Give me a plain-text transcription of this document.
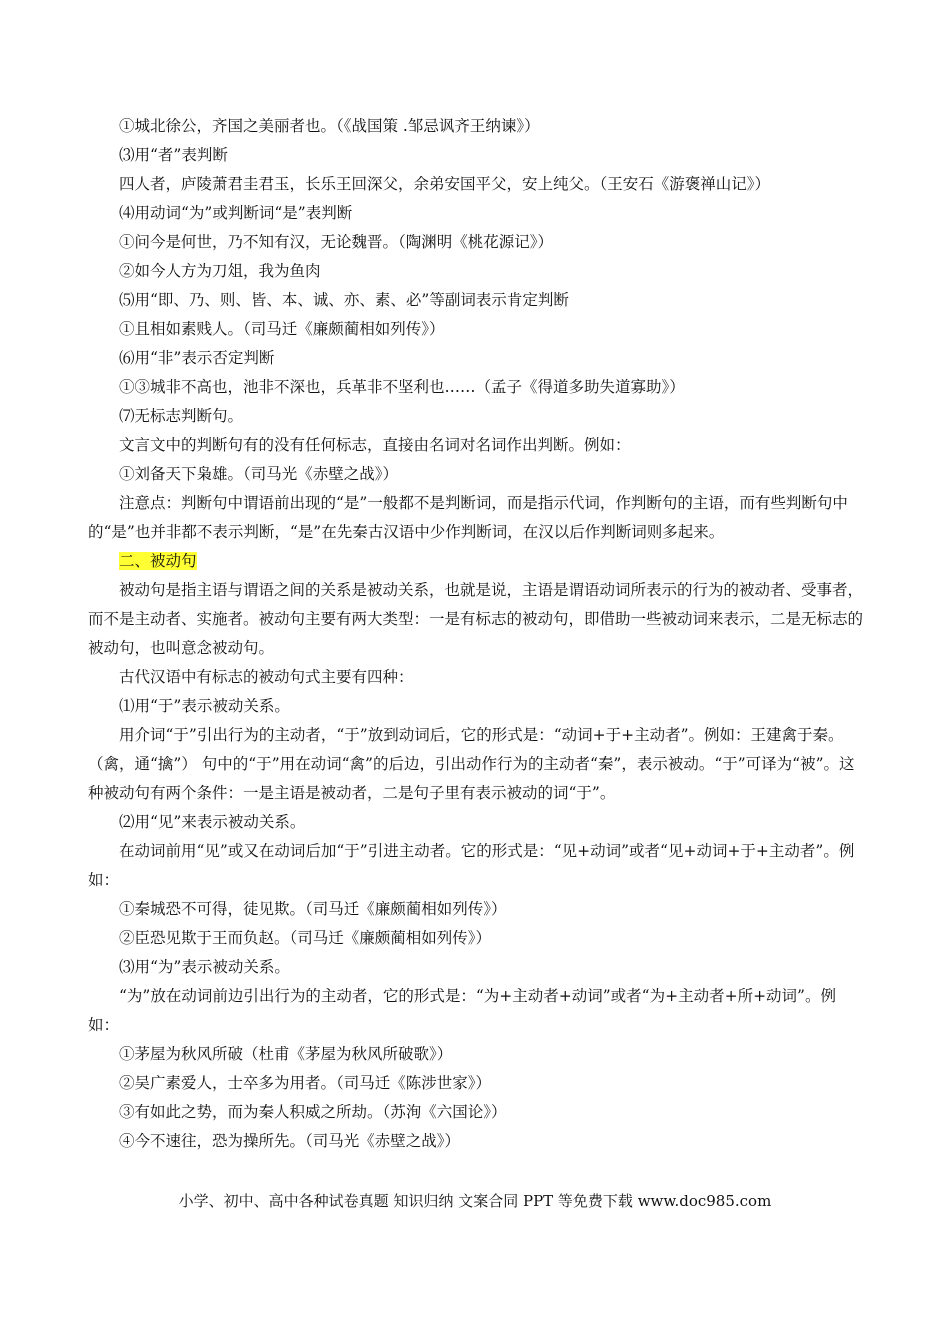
①城北徐公，齐国之美丽者也。（《战国策 .邹忌讽齐王纳谏》）

⑶用“者”表判断

四人者，庐陵萧君圭君玉，长乐王回深父，余弟安国平父，安上纯父。（王安石《游褒禅山记》）

⑷用动词“为”或判断词“是”表判断

①问今是何世，乃不知有汉，无论魏晋。（陶渊明《桃花源记》）

②如今人方为刀俎，我为鱼肉

⑸用“即、乃、则、皆、本、诚、亦、素、必”等副词表示肯定判断

①且相如素贱人。（司马迁《廉颇蔺相如列传》）

⑹用“非”表示否定判断

①③城非不高也，池非不深也，兵革非不坚利也……（孟子《得道多助失道寡助》）

⑺无标志判断句。

文言文中的判断句有的没有任何标志，直接由名词对名词作出判断。例如：

①刘备天下枭雄。（司马光《赤壁之战》）

注意点：判断句中谓语前出现的“是”一般都不是判断词，而是指示代词，作判断句的主语，而有些判断句中的“是”也并非都不表示判断，“是”在先秦古汉语中少作判断词，在汉以后作判断词则多起来。

二、被动句

被动句是指主语与谓语之间的关系是被动关系，也就是说，主语是谓语动词所表示的行为的被动者、受事者，而不是主动者、实施者。被动句主要有两大类型：一是有标志的被动句，即借助一些被动词来表示，二是无标志的被动句，也叫意念被动句。

古代汉语中有标志的被动句式主要有四种：

⑴用“于”表示被动关系。

用介词“于”引出行为的主动者，“于”放到动词后，它的形式是：“动词+于+主动者”。例如：王建禽于秦。（禽，通“擒”） 句中的“于”用在动词“禽”的后边，引出动作行为的主动者“秦”，表示被动。“于”可译为“被”。这种被动句有两个条件：一是主语是被动者，二是句子里有表示被动的词“于”。

⑵用“见”来表示被动关系。

在动词前用“见”或又在动词后加“于”引进主动者。它的形式是：“见+动词”或者“见+动词+于+主动者”。例如：

①秦城恐不可得，徒见欺。（司马迁《廉颇蔺相如列传》）

②臣恐见欺于王而负赵。（司马迁《廉颇蔺相如列传》）

⑶用“为”表示被动关系。

“为”放在动词前边引出行为的主动者，它的形式是：“为+主动者+动词”或者“为+主动者+所+动词”。例如：

①茅屋为秋风所破（杜甫《茅屋为秋风所破歌》）

②吴广素爱人，士卒多为用者。（司马迁《陈涉世家》）

③有如此之势，而为秦人积威之所劫。（苏洵《六国论》）

④今不速往，恐为操所先。（司马光《赤壁之战》）

小学、初中、高中各种试卷真题 知识归纳 文案合同 PPT 等免费下载 www.doc985.com
